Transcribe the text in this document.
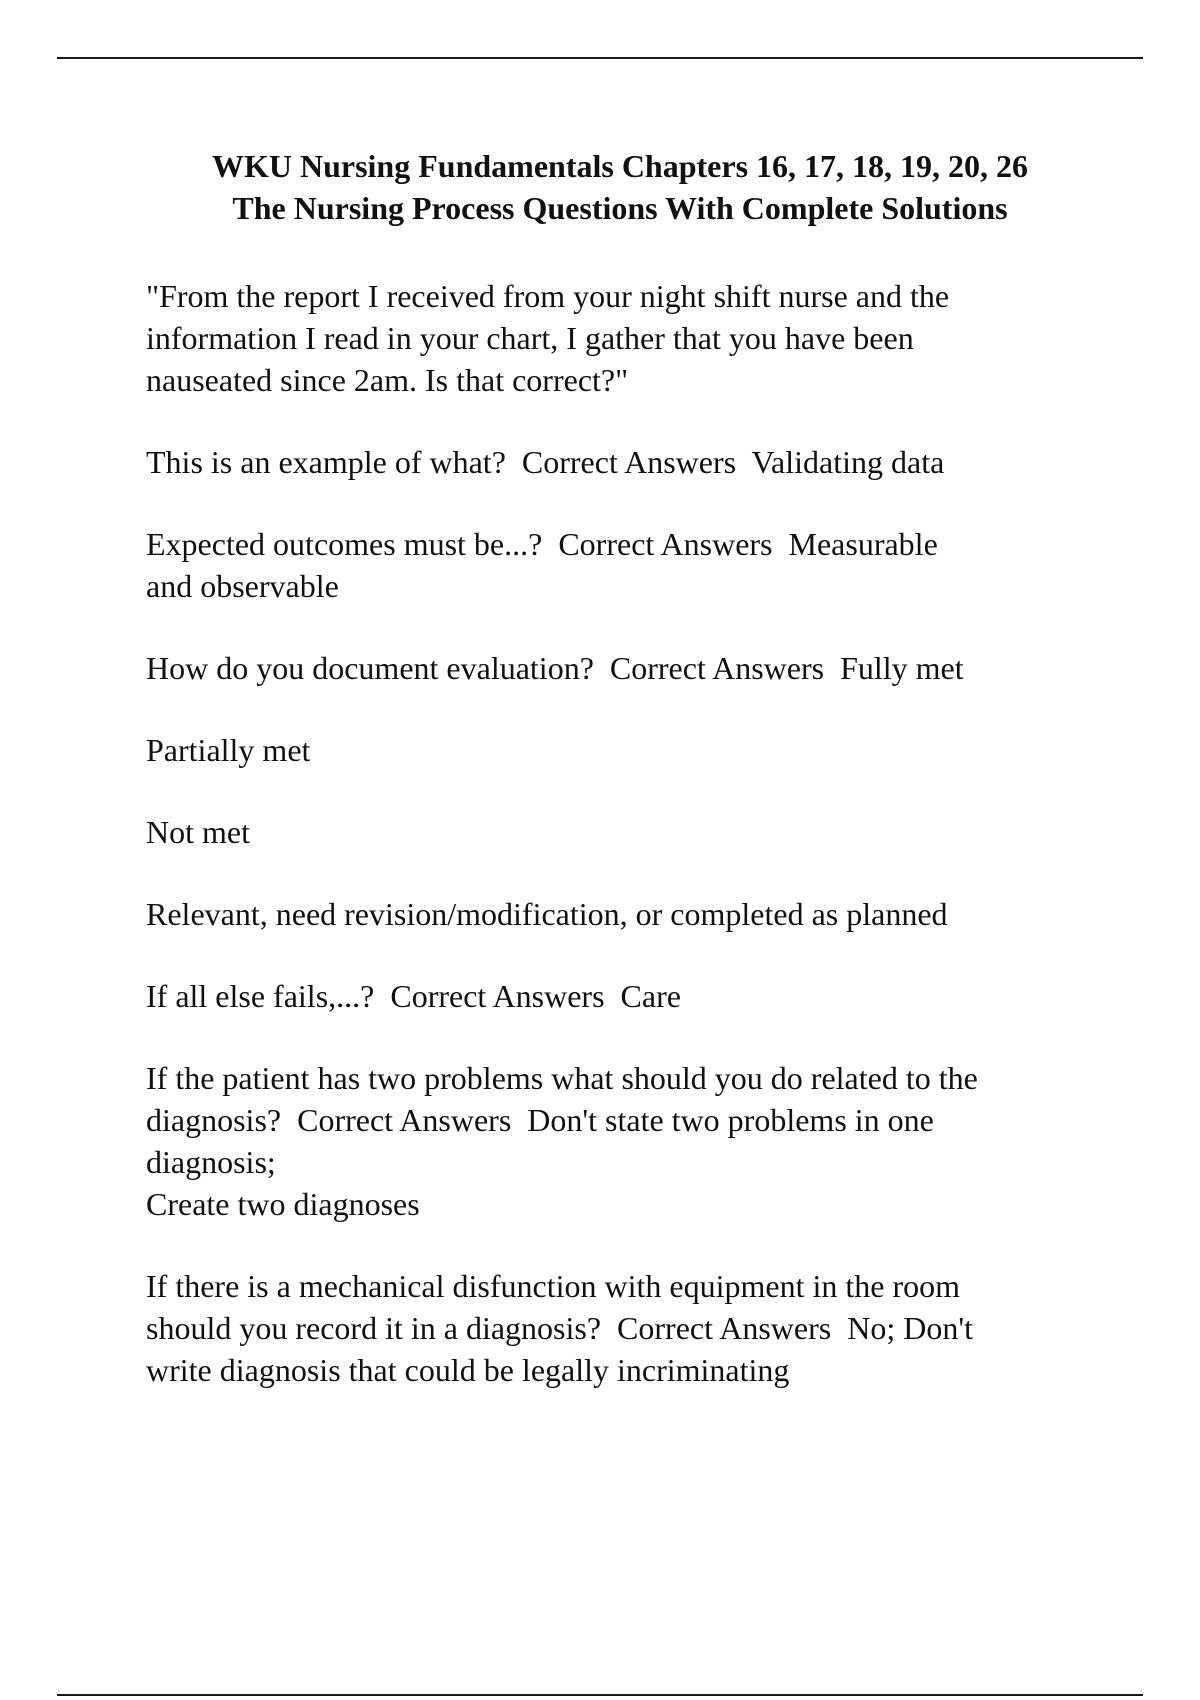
WKU Nursing Fundamentals Chapters 16, 17, 18, 19, 20, 26
The Nursing Process Questions With Complete Solutions

"From the report I received from your night shift nurse and the
information I read in your chart, I gather that you have been
nauseated since 2am. Is that correct?"

This is an example of what?  Correct Answers  Validating data

Expected outcomes must be...?  Correct Answers  Measurable
and observable

How do you document evaluation?  Correct Answers  Fully met

Partially met

Not met

Relevant, need revision/modification, or completed as planned

If all else fails,...?  Correct Answers  Care

If the patient has two problems what should you do related to the
diagnosis?  Correct Answers  Don't state two problems in one
diagnosis;
Create two diagnoses

If there is a mechanical disfunction with equipment in the room
should you record it in a diagnosis?  Correct Answers  No; Don't
write diagnosis that could be legally incriminating
